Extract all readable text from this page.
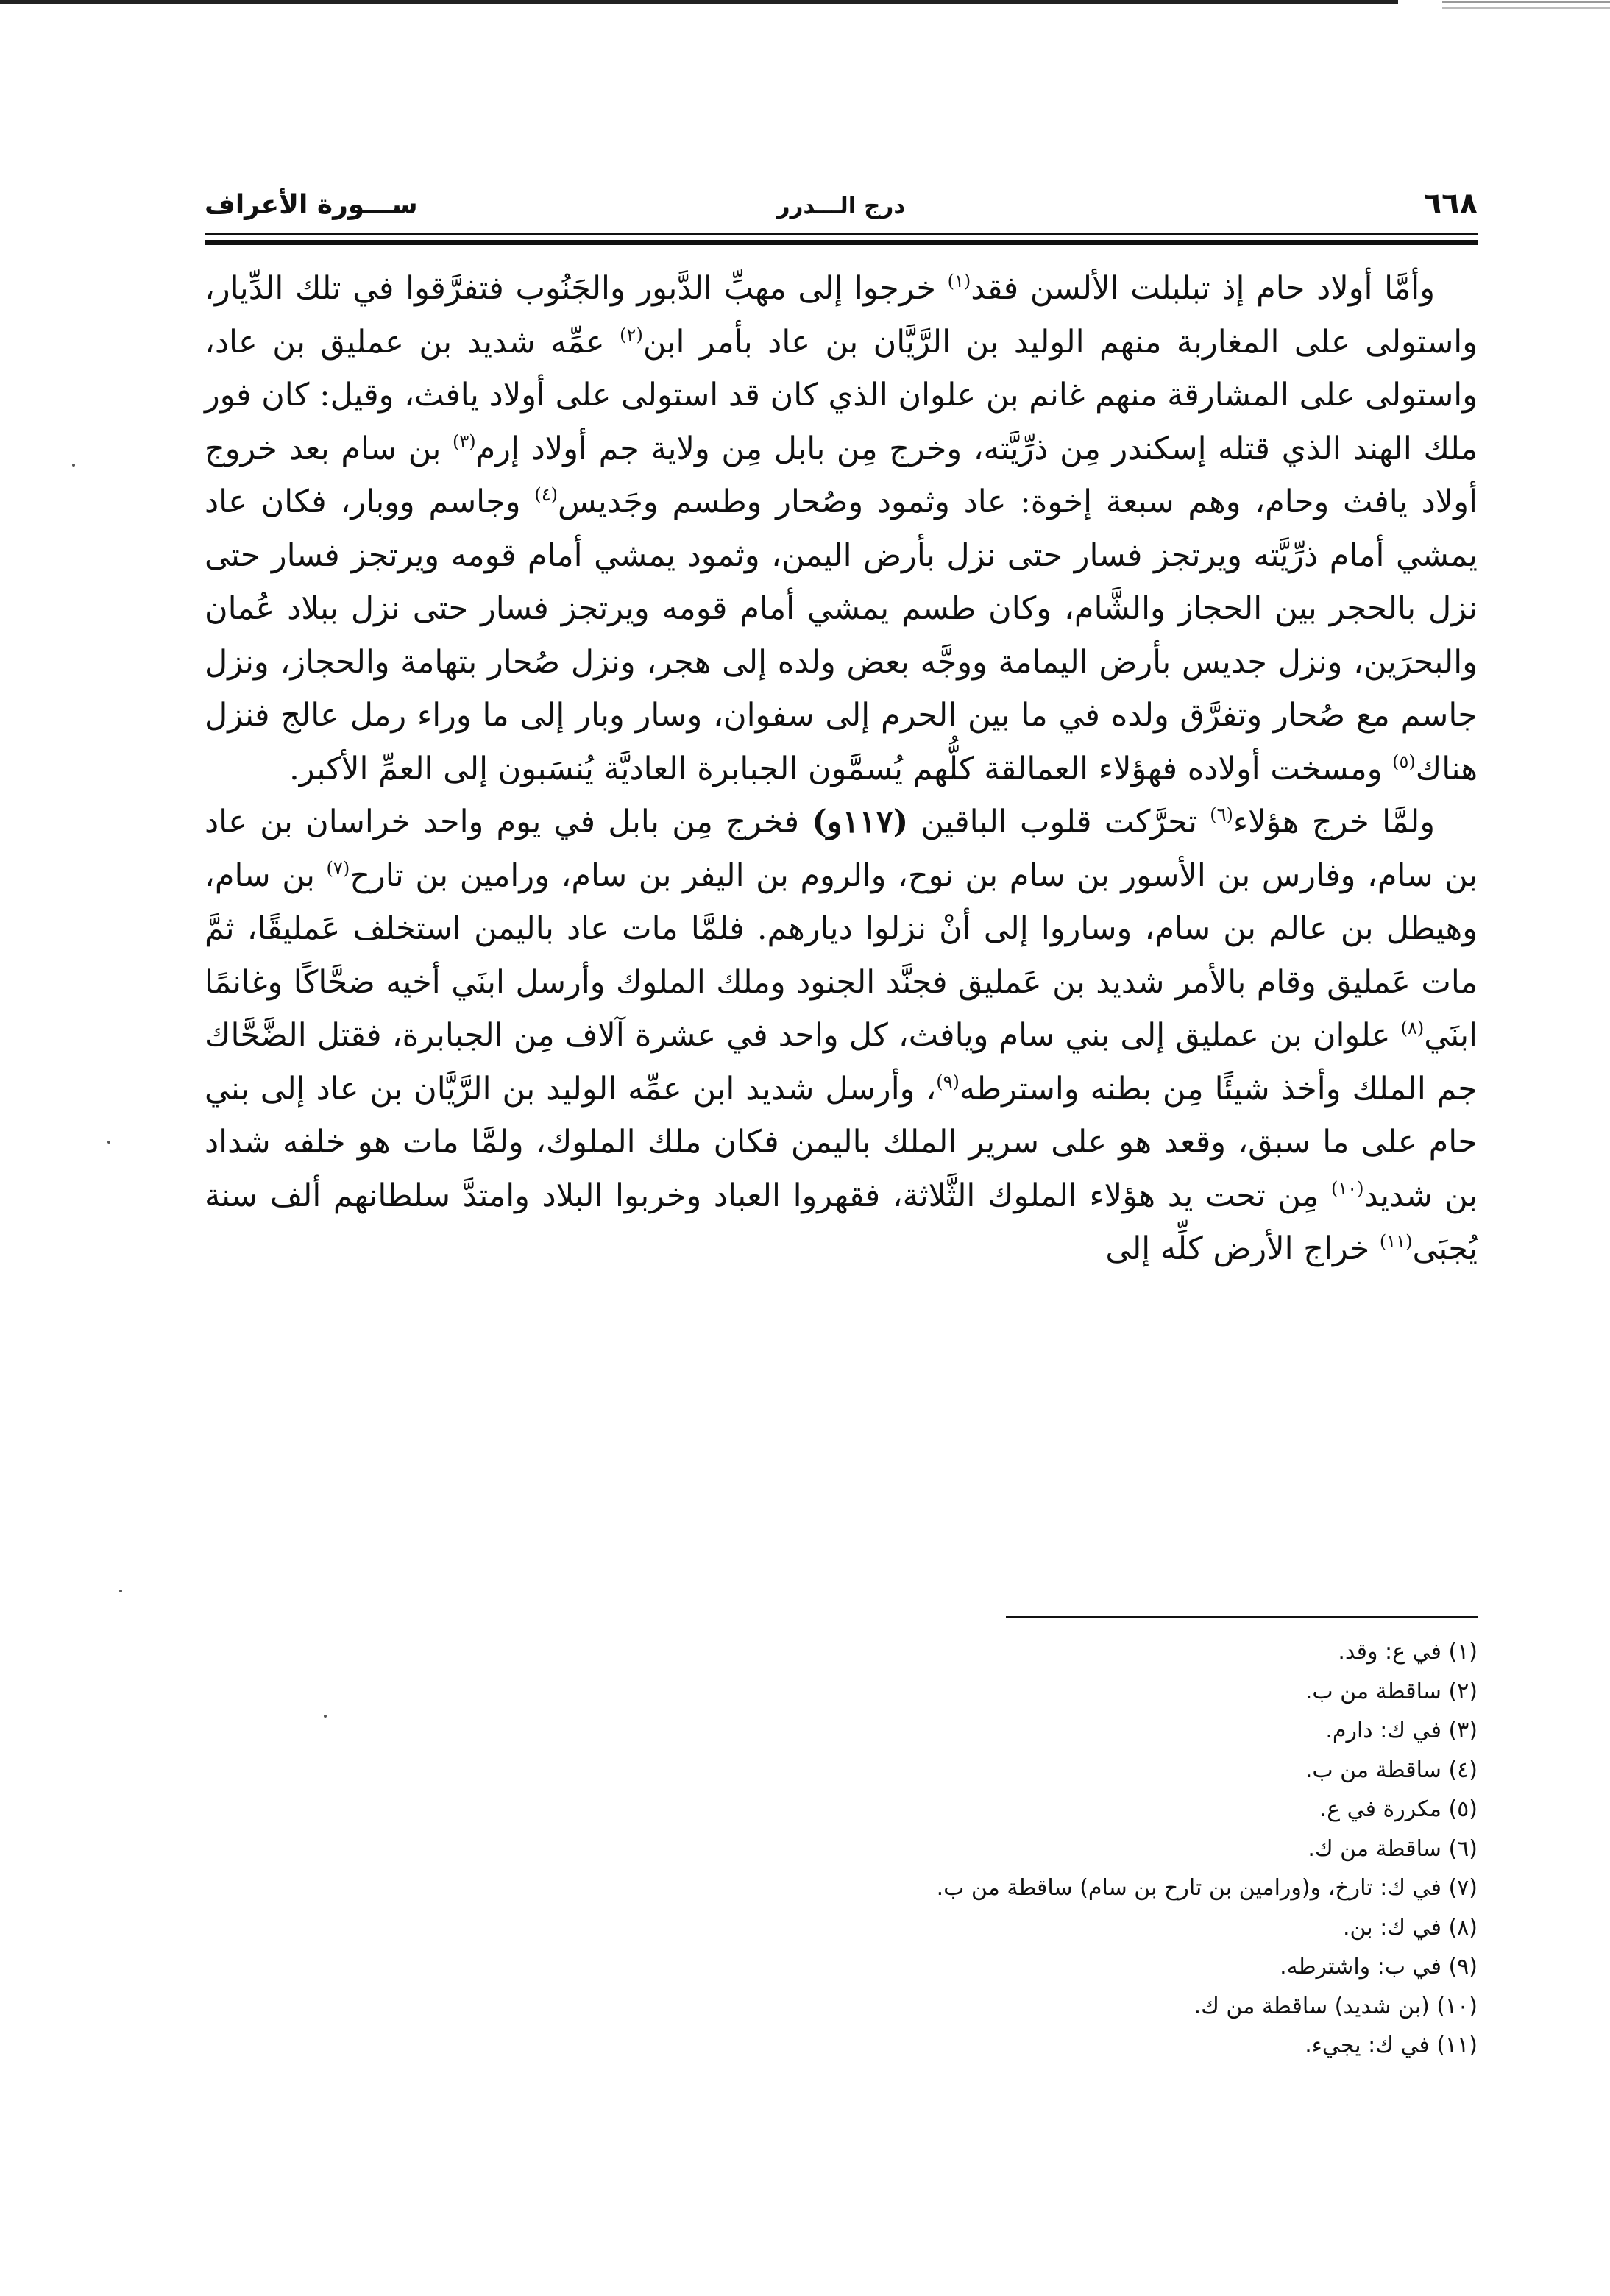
٦٦٨
درج الـــدرر
ســـورة الأعراف

وأمَّا أولاد حام إذ تبلبلت الألسن فقد$^{(١)}$ خرجوا إلى مهبِّ الدَّبور والجَنُوب فتفرَّقوا في تلك الدِّيار، واستولى على المغاربة منهم الوليد بن الرَّيَّان بن عاد بأمر ابن$^{(٢)}$ عمِّه شديد بن عمليق بن عاد، واستولى على المشارقة منهم غانم بن علوان الذي كان قد استولى على أولاد يافث، وقيل: كان فور ملك الهند الذي قتله إسكندر مِن ذرِّيَّته، وخرج مِن بابل مِن ولاية جم أولاد إرم$^{(٣)}$ بن سام بعد خروج أولاد يافث وحام، وهم سبعة إخوة: عاد وثمود وصُحار وطسم وجَديس$^{(٤)}$ وجاسم ووبار، فكان عاد يمشي أمام ذرِّيَّته ويرتجز فسار حتى نزل بأرض اليمن، وثمود يمشي أمام قومه ويرتجز فسار حتى نزل بالحجر بين الحجاز والشَّام، وكان طسم يمشي أمام قومه ويرتجز فسار حتى نزل ببلاد عُمان والبحرَين، ونزل جديس بأرض اليمامة ووجَّه بعض ولده إلى هجر، ونزل صُحار بتهامة والحجاز، ونزل جاسم مع صُحار وتفرَّق ولده في ما بين الحرم إلى سفوان، وسار وبار إلى ما وراء رمل عالج فنزل هناك$^{(٥)}$ ومسخت أولاده فهؤلاء العمالقة كلُّهم يُسمَّون الجبابرة العاديَّة يُنسَبون إلى العمِّ الأكبر.

ولمَّا خرج هؤلاء$^{(٦)}$ تحرَّكت قلوب الباقين (١١٧و) فخرج مِن بابل في يوم واحد خراسان بن عاد بن سام، وفارس بن الأسور بن سام بن نوح، والروم بن اليفر بن سام، ورامين بن تارح$^{(٧)}$ بن سام، وهيطل بن عالم بن سام، وساروا إلى أنْ نزلوا ديارهم. فلمَّا مات عاد باليمن استخلف عَمليقًا، ثمَّ مات عَمليق وقام بالأمر شديد بن عَمليق فجنَّد الجنود وملك الملوك وأرسل ابنَي أخيه ضحَّاكًا وغانمًا ابنَي$^{(٨)}$ علوان بن عمليق إلى بني سام ويافث، كل واحد في عشرة آلاف مِن الجبابرة، فقتل الضَّحَّاك جم الملك وأخذ شيئًا مِن بطنه واسترطه$^{(٩)}$، وأرسل شديد ابن عمِّه الوليد بن الرَّيَّان بن عاد إلى بني حام على ما سبق، وقعد هو على سرير الملك باليمن فكان ملك الملوك، ولمَّا مات هو خلفه شداد بن شديد$^{(١٠)}$ مِن تحت يد هؤلاء الملوك الثَّلاثة، فقهروا العباد وخربوا البلاد وامتدَّ سلطانهم ألف سنة يُجبَى$^{(١١)}$ خراج الأرض كلِّه إلى

(١) في ع: وقد.
(٢) ساقطة من ب.
(٣) في ك: دارم.
(٤) ساقطة من ب.
(٥) مكررة في ع.
(٦) ساقطة من ك.
(٧) في ك: تارخ، و(ورامين بن تارح بن سام) ساقطة من ب.
(٨) في ك: بن.
(٩) في ب: واشترطه.
(١٠) (بن شديد) ساقطة من ك.
(١١) في ك: يجيء.
